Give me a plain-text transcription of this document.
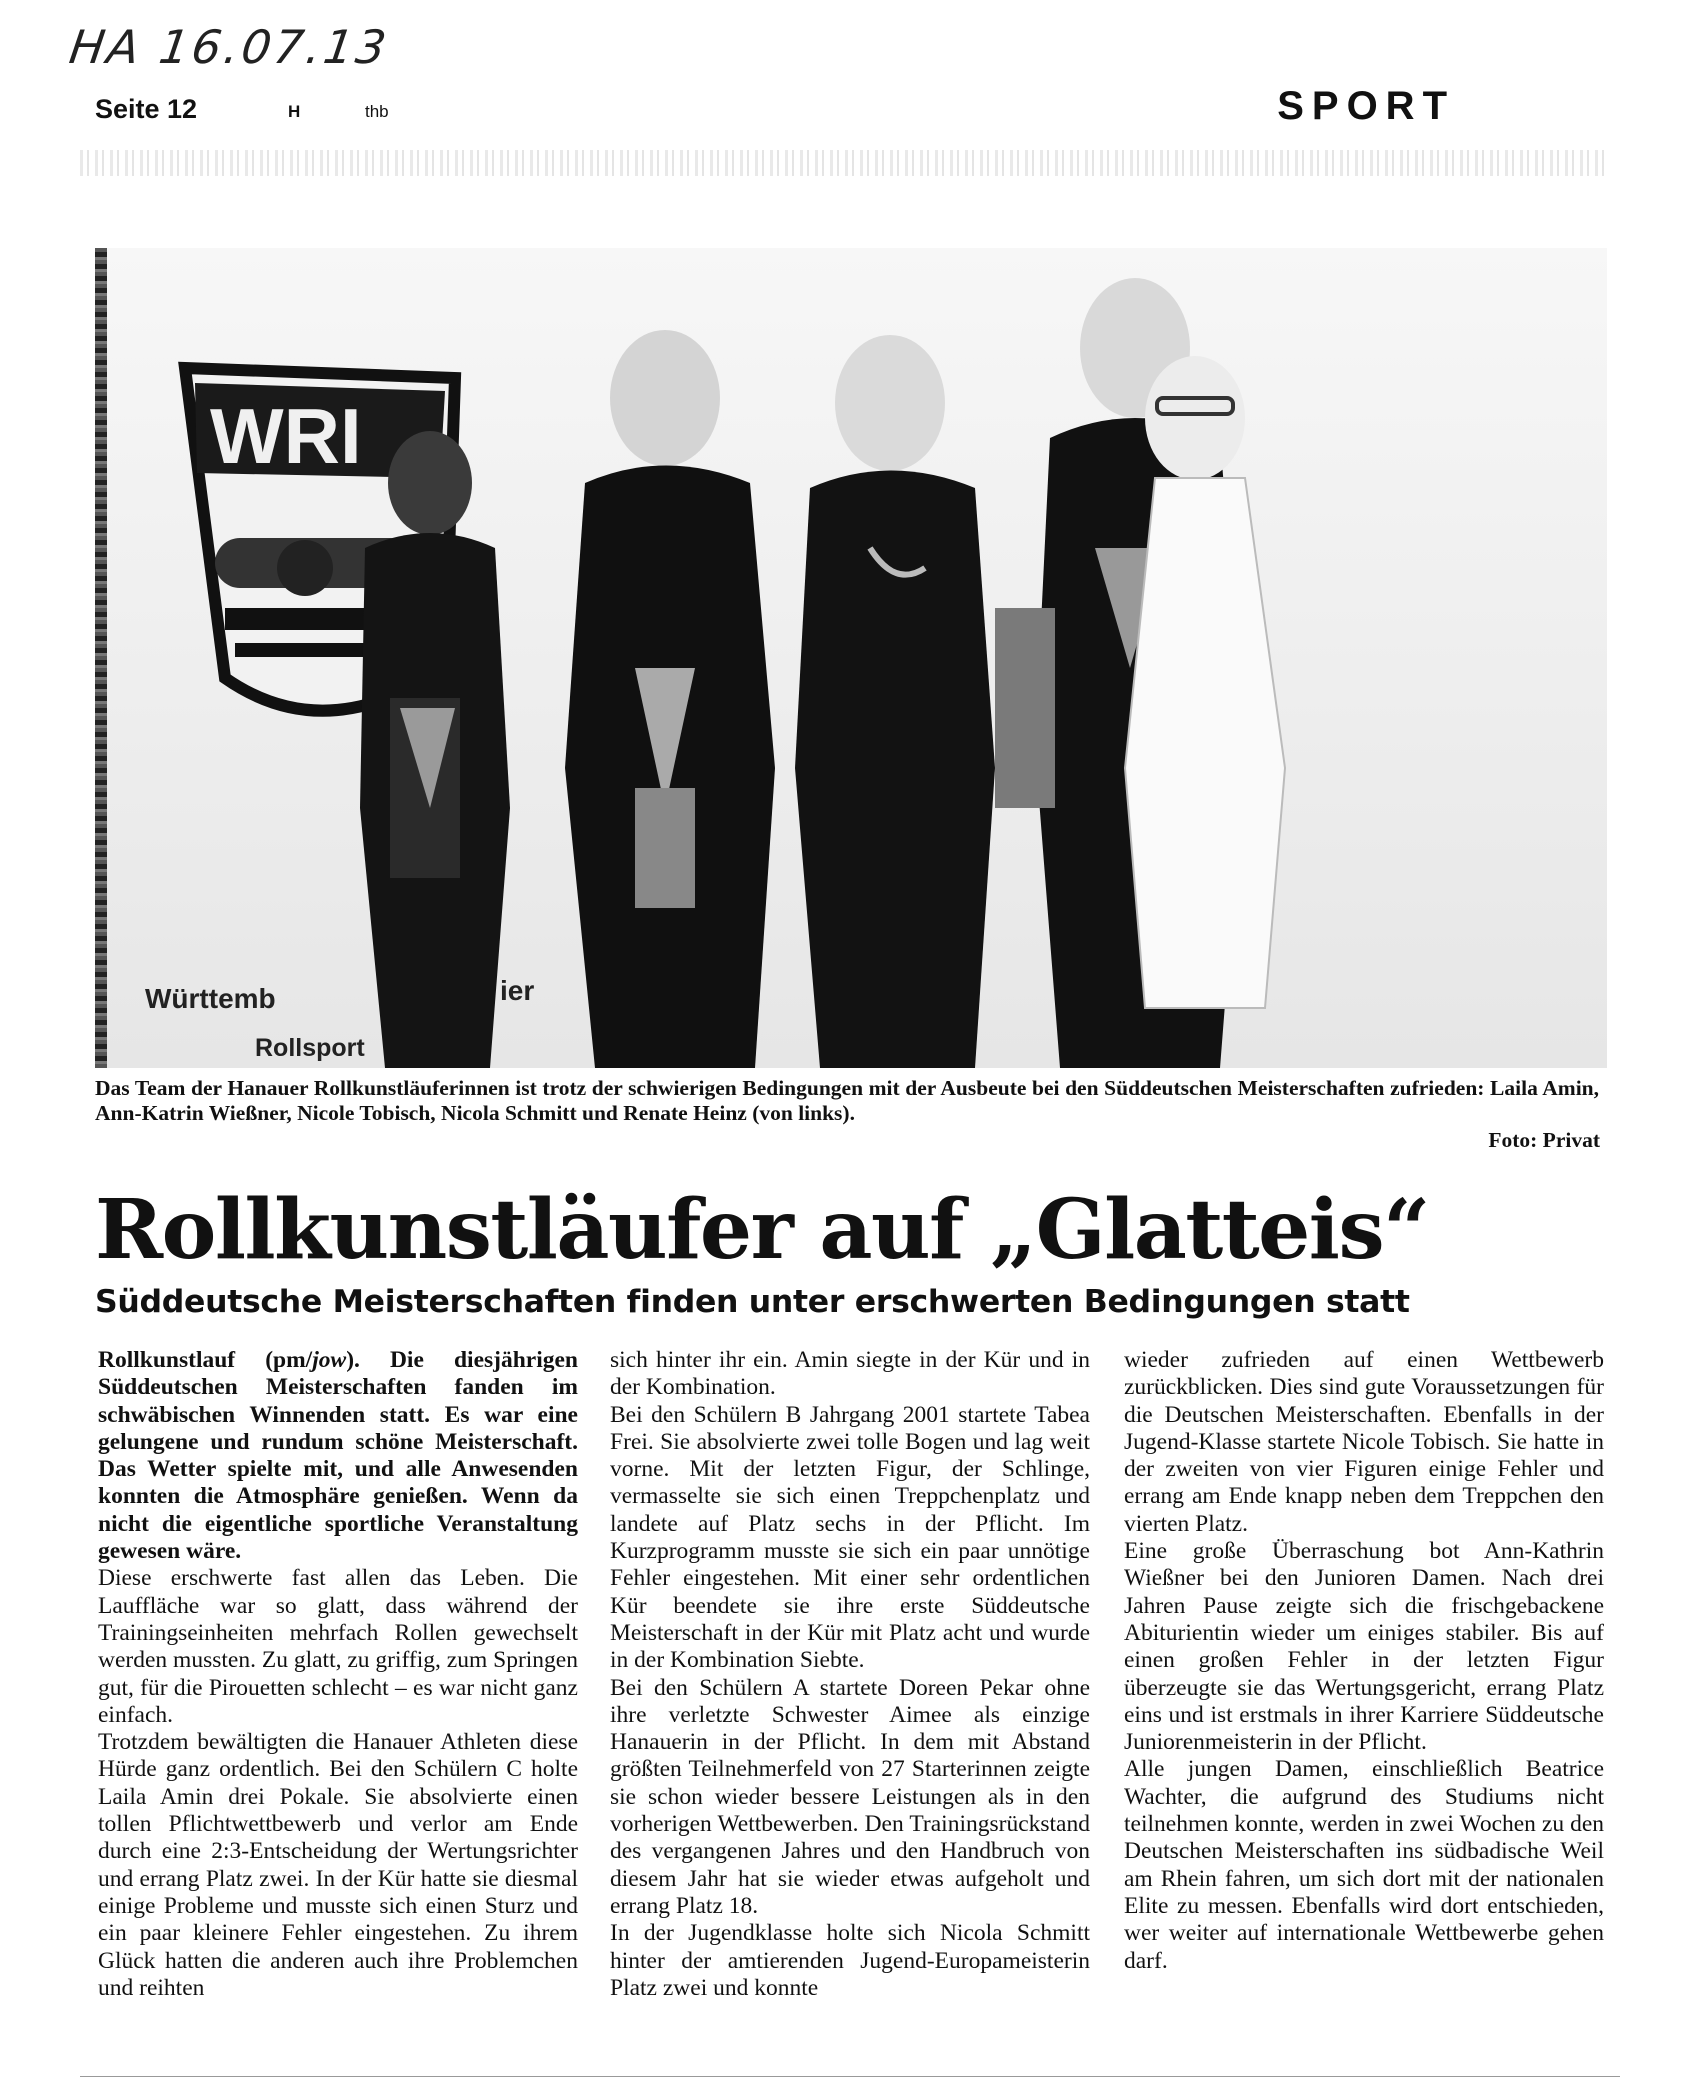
HA 16.07.13
Seite 12	H	thb	SPORT
WRI
Württemb	ier
Rollsport
Das Team der Hanauer Rollkunstläuferinnen ist trotz der schwierigen Bedingungen mit der Ausbeute bei den Süddeutschen Meisterschaften zufrieden: Laila Amin, Ann-Katrin Wießner, Nicole Tobisch, Nicola Schmitt und Renate Heinz (von links).
Foto: Privat
Rollkunstläufer auf „Glatteis“
Süddeutsche Meisterschaften finden unter erschwerten Bedingungen statt

Rollkunstlauf (pm/jow). Die diesjährigen Süddeutschen Meisterschaften fanden im schwäbischen Winnenden statt. Es war eine gelungene und rundum schöne Meisterschaft. Das Wetter spielte mit, und alle Anwesenden konnten die Atmosphäre genießen. Wenn da nicht die eigentliche sportliche Veranstaltung gewesen wäre.

Diese erschwerte fast allen das Leben. Die Lauffläche war so glatt, dass während der Trainingseinheiten mehrfach Rollen gewechselt werden mussten. Zu glatt, zu griffig, zum Springen gut, für die Pirouetten schlecht – es war nicht ganz einfach.

Trotzdem bewältigten die Hanauer Athleten diese Hürde ganz ordentlich. Bei den Schülern C holte Laila Amin drei Pokale. Sie absolvierte einen tollen Pflichtwettbewerb und verlor am Ende durch eine 2:3-Entscheidung der Wertungsrichter und errang Platz zwei. In der Kür hatte sie diesmal einige Probleme und musste sich einen Sturz und ein paar kleinere Fehler eingestehen. Zu ihrem Glück hatten die anderen auch ihre Problemchen und reihten

sich hinter ihr ein. Amin siegte in der Kür und in der Kombination.

Bei den Schülern B Jahrgang 2001 startete Tabea Frei. Sie absolvierte zwei tolle Bogen und lag weit vorne. Mit der letzten Figur, der Schlinge, vermasselte sie sich einen Treppchenplatz und landete auf Platz sechs in der Pflicht. Im Kurzprogramm musste sie sich ein paar unnötige Fehler eingestehen. Mit einer sehr ordentlichen Kür beendete sie ihre erste Süddeutsche Meisterschaft in der Kür mit Platz acht und wurde in der Kombination Siebte.

Bei den Schülern A startete Doreen Pekar ohne ihre verletzte Schwester Aimee als einzige Hanauerin in der Pflicht. In dem mit Abstand größten Teilnehmerfeld von 27 Starterinnen zeigte sie schon wieder bessere Leistungen als in den vorherigen Wettbewerben. Den Trainingsrückstand des vergangenen Jahres und den Handbruch von diesem Jahr hat sie wieder etwas aufgeholt und errang Platz 18.

In der Jugendklasse holte sich Nicola Schmitt hinter der amtierenden Jugend-Europameisterin Platz zwei und konnte

wieder zufrieden auf einen Wettbewerb zurückblicken. Dies sind gute Voraussetzungen für die Deutschen Meisterschaften. Ebenfalls in der Jugend-Klasse startete Nicole Tobisch. Sie hatte in der zweiten von vier Figuren einige Fehler und errang am Ende knapp neben dem Treppchen den vierten Platz.

Eine große Überraschung bot Ann-Kathrin Wießner bei den Junioren Damen. Nach drei Jahren Pause zeigte sich die frischgebackene Abiturientin wieder um einiges stabiler. Bis auf einen großen Fehler in der letzten Figur überzeugte sie das Wertungsgericht, errang Platz eins und ist erstmals in ihrer Karriere Süddeutsche Juniorenmeisterin in der Pflicht.

Alle jungen Damen, einschließlich Beatrice Wachter, die aufgrund des Studiums nicht teilnehmen konnte, werden in zwei Wochen zu den Deutschen Meisterschaften ins südbadische Weil am Rhein fahren, um sich dort mit der nationalen Elite zu messen. Ebenfalls wird dort entschieden, wer weiter auf internationale Wettbewerbe gehen darf.
